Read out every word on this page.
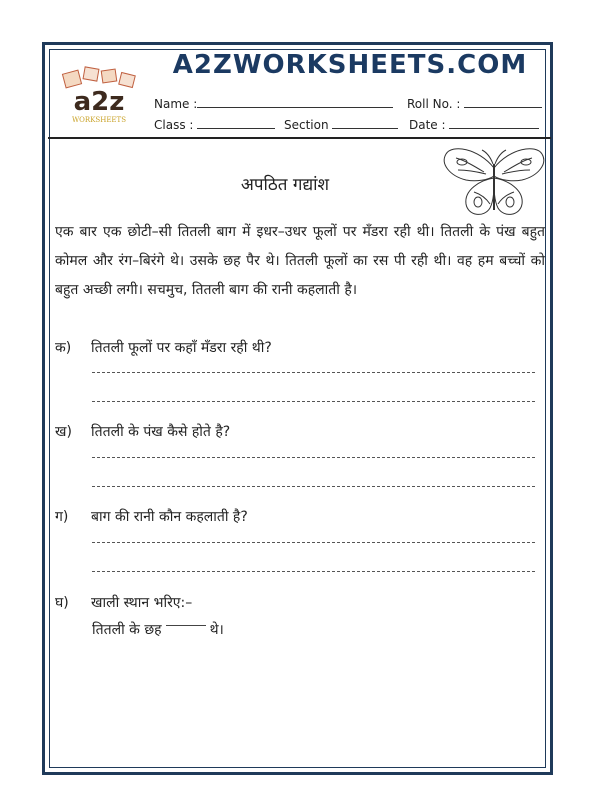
A2ZWORKSHEETS.COM
a2z
WORKSHEETS
Name :	Roll No. :
Class :	Section	Date :
अपठित गद्यांश
एक बार एक छोटी–सी तितली बाग में इधर–उधर फूलों पर मँडरा रही थी। तितली के पंख बहुत कोमल और रंग–बिरंगे थे। उसके छह पैर थे। तितली फूलों का रस पी रही थी। वह हम बच्चों को बहुत अच्छी लगी। सचमुच, तितली बाग की रानी कहलाती है।
क) तितली फूलों पर कहाँ मँडरा रही थी?
ख) तितली के पंख कैसे होते है?
ग) बाग की रानी कौन कहलाती है?
घ) खाली स्थान भरिए:–
तितली के छह	थे।
